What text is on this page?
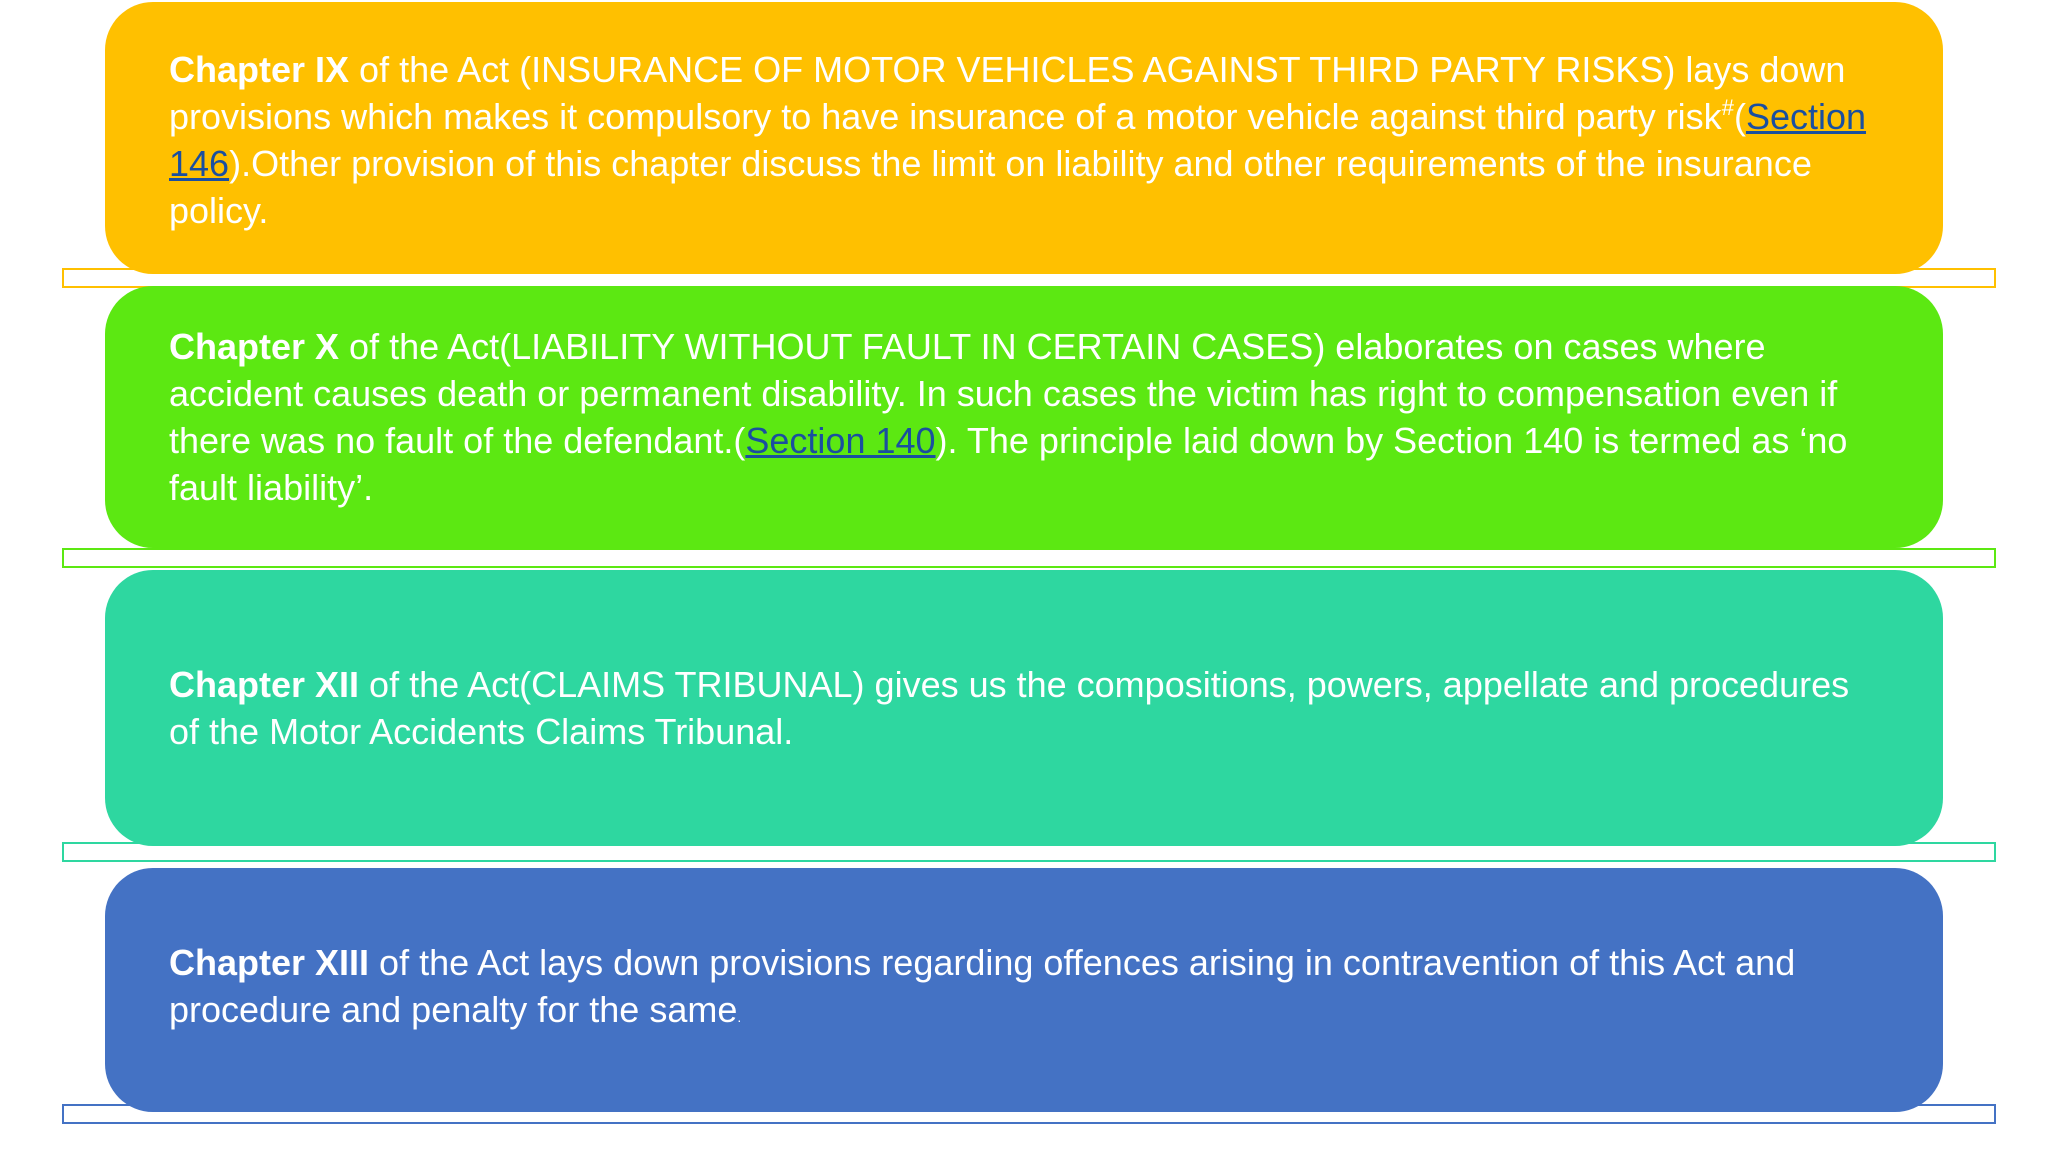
Chapter IX of the Act (INSURANCE OF MOTOR VEHICLES AGAINST THIRD PARTY RISKS) lays down provisions which makes it compulsory to have insurance of a motor vehicle against third party risk#(Section 146).Other provision of this chapter discuss the limit on liability and other requirements of the insurance policy.

Chapter X of the Act(LIABILITY WITHOUT FAULT IN CERTAIN CASES) elaborates on cases where accident causes death or permanent disability. In such cases the victim has right to compensation even if there was no fault of the defendant.(Section 140). The principle laid down by Section 140 is termed as ‘no fault liability’.

Chapter XII of the Act(CLAIMS TRIBUNAL) gives us the compositions, powers, appellate and procedures of the Motor Accidents Claims Tribunal.

Chapter XIII of the Act lays down provisions regarding offences arising in contravention of this Act and procedure and penalty for the same.
